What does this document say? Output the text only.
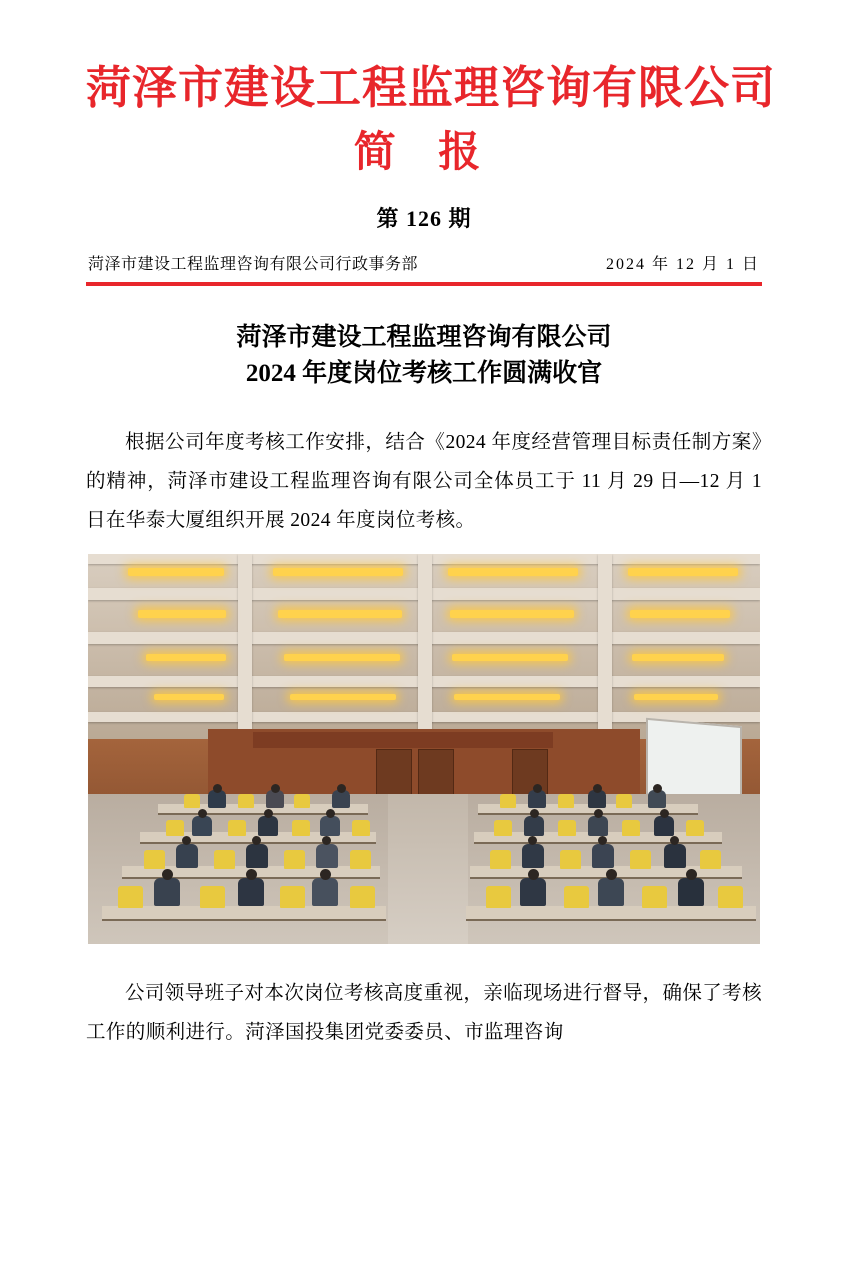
菏泽市建设工程监理咨询有限公司
简 报
第 126 期
菏泽市建设工程监理咨询有限公司行政事务部	2024 年 12 月 1 日
菏泽市建设工程监理咨询有限公司
2024 年度岗位考核工作圆满收官

根据公司年度考核工作安排，结合《2024 年度经营管理目标责任制方案》的精神，菏泽市建设工程监理咨询有限公司全体员工于 11 月 29 日—12 月 1 日在华泰大厦组织开展 2024 年度岗位考核。

公司领导班子对本次岗位考核高度重视，亲临现场进行督导，确保了考核工作的顺利进行。菏泽国投集团党委委员、市监理咨询
